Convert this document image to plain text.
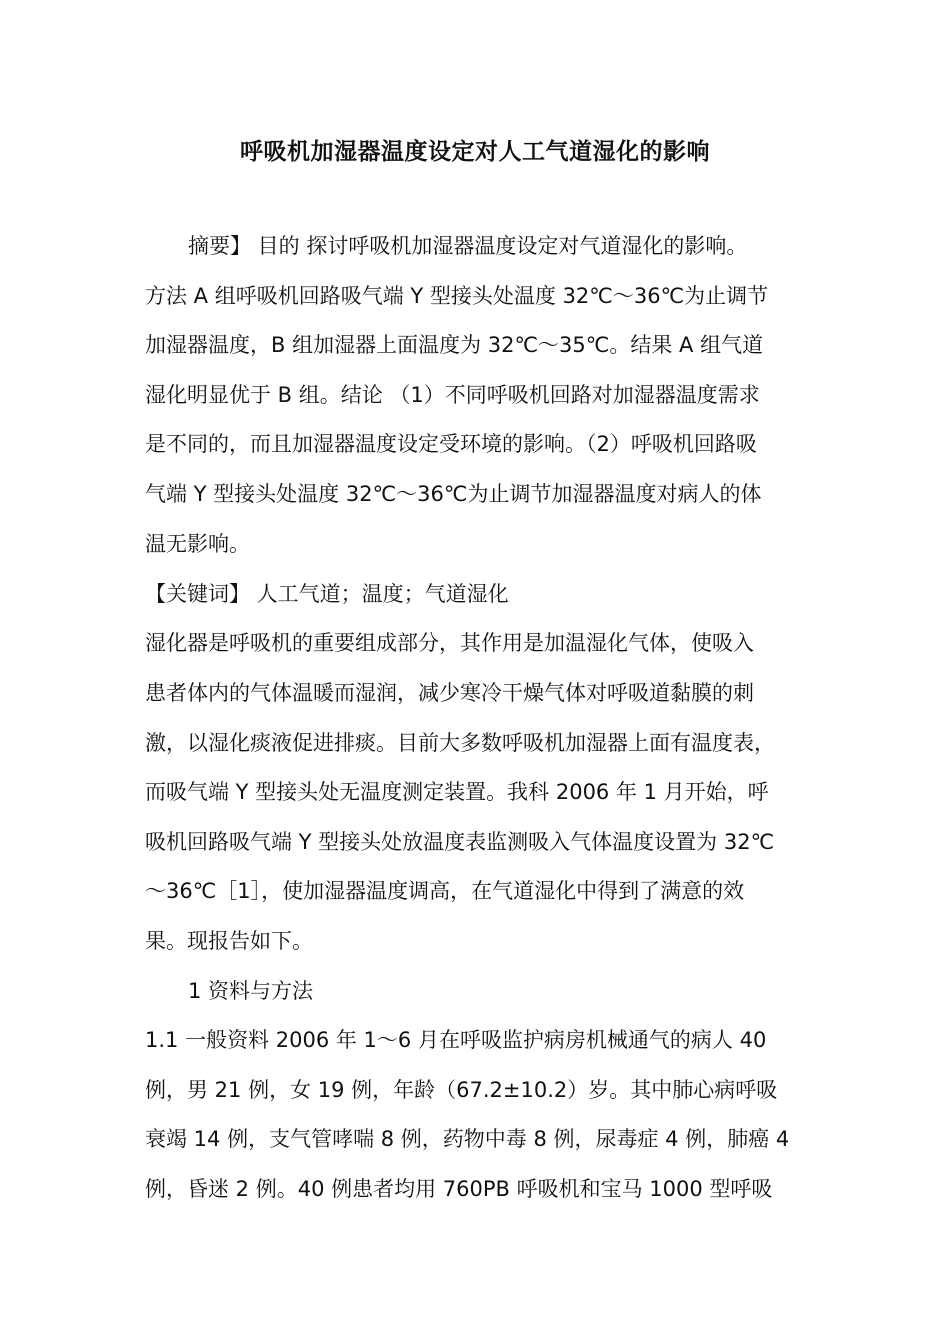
呼吸机加湿器温度设定对人工气道湿化的影响
摘要】 目的 探讨呼吸机加湿器温度设定对气道湿化的影响。
方法 A 组呼吸机回路吸气端 Y 型接头处温度 32℃～36℃为止调节
加湿器温度，B 组加湿器上面温度为 32℃～35℃。结果 A 组气道
湿化明显优于 B 组。结论 （1）不同呼吸机回路对加湿器温度需求
是不同的，而且加湿器温度设定受环境的影响。（2）呼吸机回路吸
气端 Y 型接头处温度 32℃～36℃为止调节加湿器温度对病人的体
温无影响。
【关键词】 人工气道；温度；气道湿化
湿化器是呼吸机的重要组成部分，其作用是加温湿化气体，使吸入
患者体内的气体温暖而湿润，减少寒冷干燥气体对呼吸道黏膜的刺
激，以湿化痰液促进排痰。目前大多数呼吸机加湿器上面有温度表，
而吸气端 Y 型接头处无温度测定装置。我科 2006 年 1 月开始，呼
吸机回路吸气端 Y 型接头处放温度表监测吸入气体温度设置为 32℃
～36℃［1］，使加湿器温度调高，在气道湿化中得到了满意的效
果。现报告如下。
1 资料与方法
1.1 一般资料 2006 年 1～6 月在呼吸监护病房机械通气的病人 40
例，男 21 例，女 19 例，年龄（67.2±10.2）岁。其中肺心病呼吸
衰竭 14 例，支气管哮喘 8 例，药物中毒 8 例，尿毒症 4 例，肺癌 4
例，昏迷 2 例。40 例患者均用 760PB 呼吸机和宝马 1000 型呼吸
